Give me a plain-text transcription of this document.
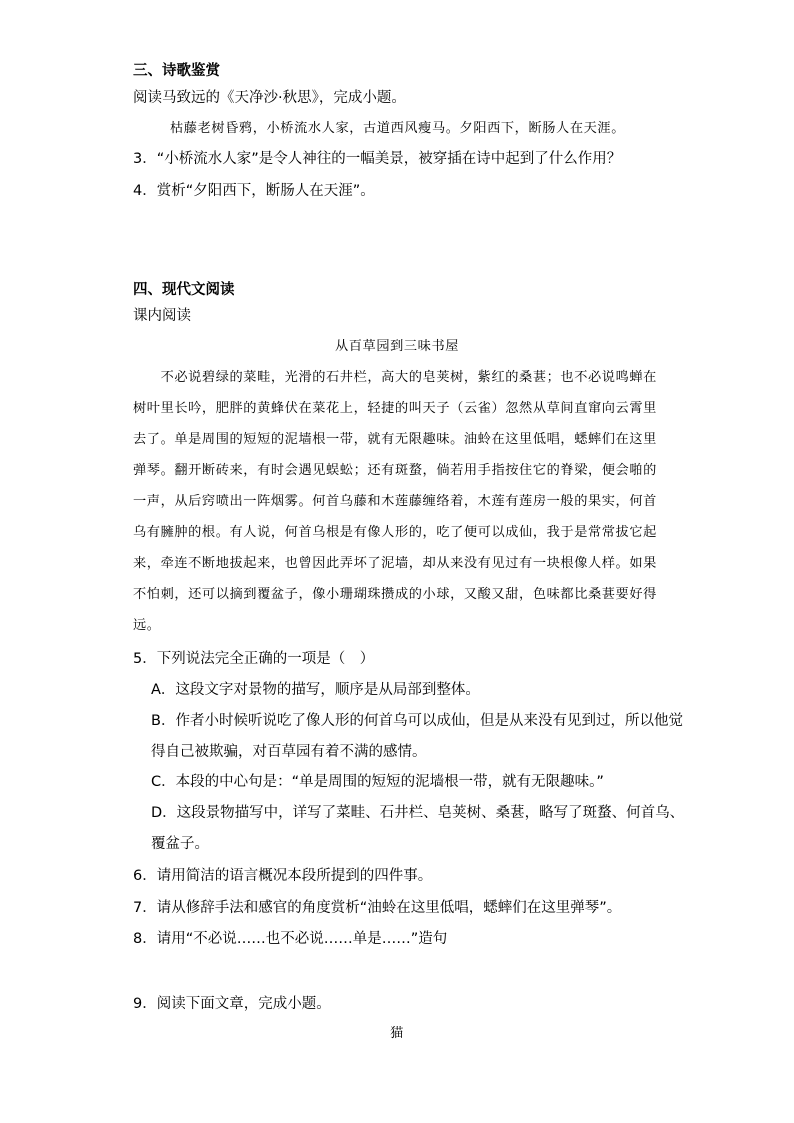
三、诗歌鉴赏
阅读马致远的《天净沙·秋思》，完成小题。
枯藤老树昏鸦，小桥流水人家，古道西风瘦马。夕阳西下，断肠人在天涯。
3．“小桥流水人家”是令人神往的一幅美景，被穿插在诗中起到了什么作用？
4．赏析“夕阳西下，断肠人在天涯”。
四、现代文阅读
课内阅读
从百草园到三味书屋
　　不必说碧绿的菜畦，光滑的石井栏，高大的皂荚树，紫红的桑葚；也不必说鸣蝉在
树叶里长吟，肥胖的黄蜂伏在菜花上，轻捷的叫天子（云雀）忽然从草间直窜向云霄里
去了。单是周围的短短的泥墙根一带，就有无限趣味。油蛉在这里低唱，蟋蟀们在这里
弹琴。翻开断砖来，有时会遇见蜈蚣；还有斑蝥，倘若用手指按住它的脊梁，便会啪的
一声，从后窍喷出一阵烟雾。何首乌藤和木莲藤缠络着，木莲有莲房一般的果实，何首
乌有臃肿的根。有人说，何首乌根是有像人形的，吃了便可以成仙，我于是常常拔它起
来，牵连不断地拔起来，也曾因此弄坏了泥墙，却从来没有见过有一块根像人样。如果
不怕刺，还可以摘到覆盆子，像小珊瑚珠攒成的小球，又酸又甜，色味都比桑葚要好得
远。
5．下列说法完全正确的一项是（　）
A．这段文字对景物的描写，顺序是从局部到整体。
B．作者小时候听说吃了像人形的何首乌可以成仙，但是从来没有见到过，所以他觉
得自己被欺骗，对百草园有着不满的感情。
C．本段的中心句是：“单是周围的短短的泥墙根一带，就有无限趣味。”
D．这段景物描写中，详写了菜畦、石井栏、皂荚树、桑葚，略写了斑蝥、何首乌、
覆盆子。
6．请用简洁的语言概况本段所提到的四件事。
7．请从修辞手法和感官的角度赏析“油蛉在这里低唱，蟋蟀们在这里弹琴”。
8．请用“不必说……也不必说……单是……”造句
9．阅读下面文章，完成小题。
猫
